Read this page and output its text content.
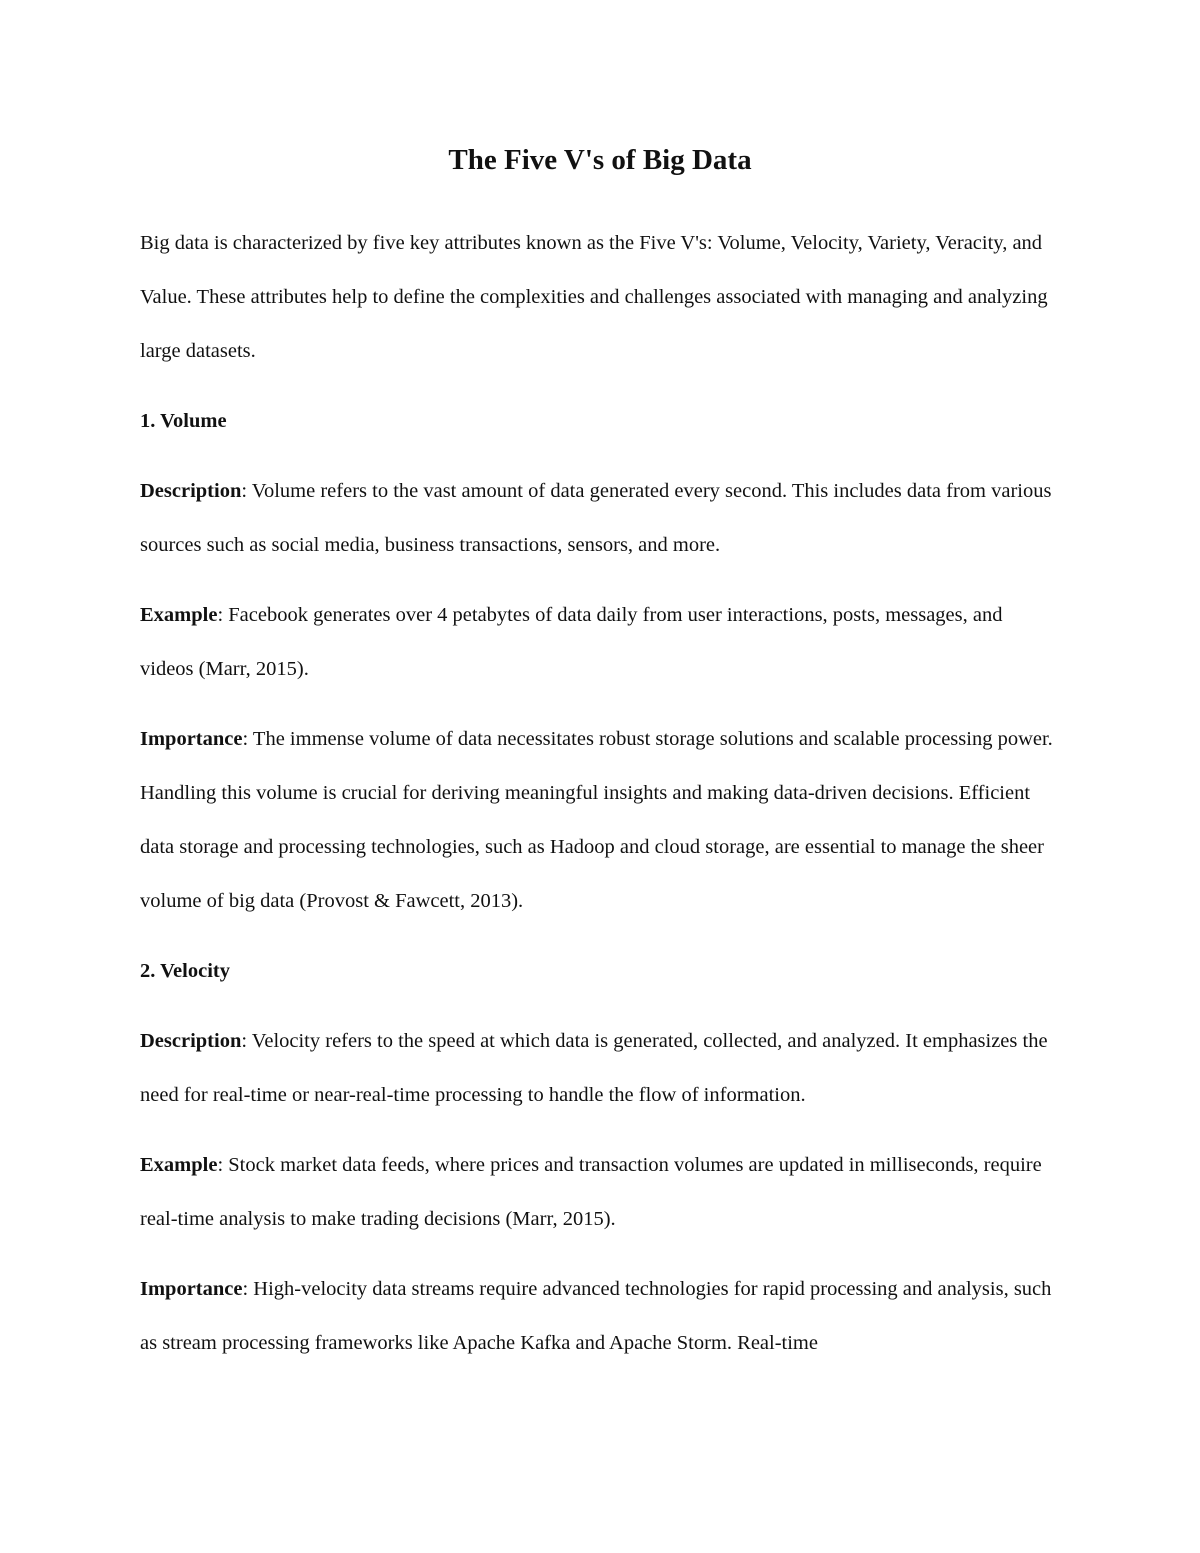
The Five V's of Big Data

Big data is characterized by five key attributes known as the Five V's: Volume, Velocity, Variety, Veracity, and Value. These attributes help to define the complexities and challenges associated with managing and analyzing large datasets.

1. Volume

Description: Volume refers to the vast amount of data generated every second. This includes data from various sources such as social media, business transactions, sensors, and more.

Example: Facebook generates over 4 petabytes of data daily from user interactions, posts, messages, and videos (Marr, 2015).

Importance: The immense volume of data necessitates robust storage solutions and scalable processing power. Handling this volume is crucial for deriving meaningful insights and making data-driven decisions. Efficient data storage and processing technologies, such as Hadoop and cloud storage, are essential to manage the sheer volume of big data (Provost & Fawcett, 2013).

2. Velocity

Description: Velocity refers to the speed at which data is generated, collected, and analyzed. It emphasizes the need for real-time or near-real-time processing to handle the flow of information.

Example: Stock market data feeds, where prices and transaction volumes are updated in milliseconds, require real-time analysis to make trading decisions (Marr, 2015).

Importance: High-velocity data streams require advanced technologies for rapid processing and analysis, such as stream processing frameworks like Apache Kafka and Apache Storm. Real-time
